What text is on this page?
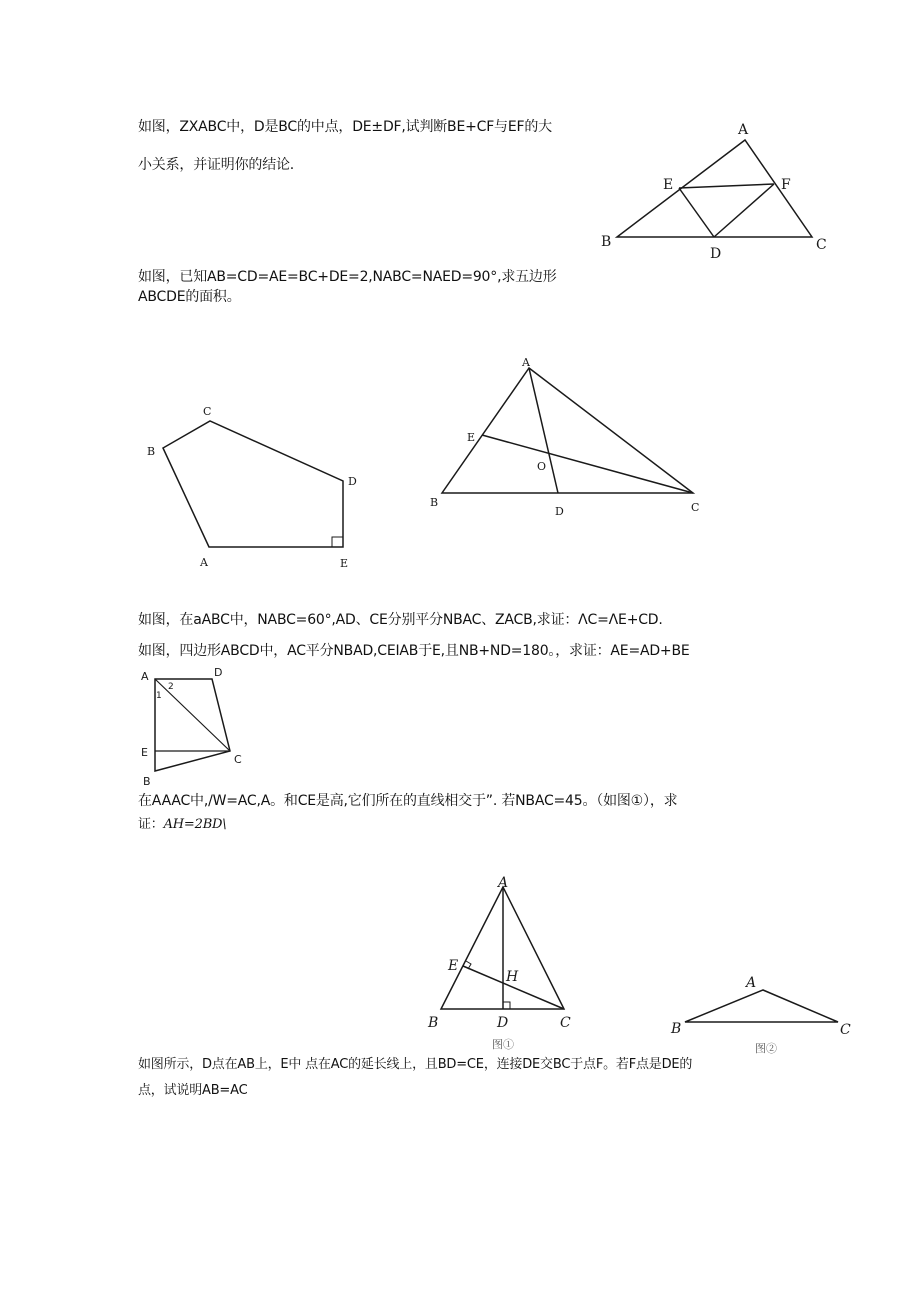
如图，ZXABC中，D是BC的中点，DE±DF,试判断BE+CF与EF的大
小关系，并证明你的结论.
A
B	C
D
E	F
如图，已知AB=CD=AE=BC+DE=2,NABC=NAED=90°,求五边形
ABCDE的面积。
A
B
C
D
E
A
B	C
D
E
O
如图，在aABC中，NABC=60°,AD、CE分别平分NBAC、ZACB,求证：ΛC=ΛE+CD.
如图，四边形ABCD中，AC平分NBAD,CEIAB于E,且NB+ND=180。，求证：AE=AD+BE
A	D
1
2
E
B
C
在AAAC中,/W=AC,A。和CE是高,它们所在的直线相交于”. 若NBAC=45。（如图①），求
证：AH=2BD\
A
B	C
D
E
H
图①
A
B	C
图②
如图所示，D点在AB上，E中 点在AC的延长线上，且BD=CE，连接DE交BC于点F。若F点是DE的
点，试说明AB=AC
